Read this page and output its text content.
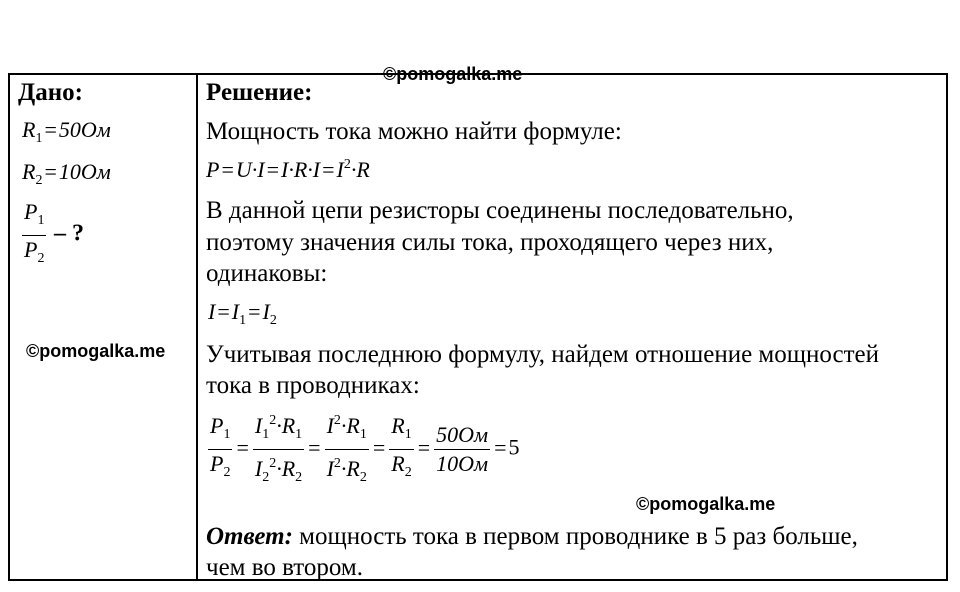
©pomogalka.me
Дано:
$R_1=50Ом$
$R_2=10Ом$
$\frac{P_1}{P_2}$ – ?
Решение:
Мощность тока можно найти формуле:
$P=U\cdot I=I\cdot R\cdot I=I^2\cdot R$
В данной цепи резисторы соединены последовательно,
поэтому значения силы тока, проходящего через них,
одинаковы:
$I=I_1=I_2$
Учитывая последнюю формулу, найдем отношение мощностей
тока в проводниках:
$\frac{P_1}{P_2} = \frac{I_1^2\cdot R_1}{I_2^2\cdot R_2} = \frac{I^2\cdot R_1}{I^2\cdot R_2} = \frac{R_1}{R_2} = \frac{50Ом}{10Ом} =5$
Ответ: мощность тока в первом проводнике в 5 раз больше,
чем во втором.
©pomogalka.me
©pomogalka.me
